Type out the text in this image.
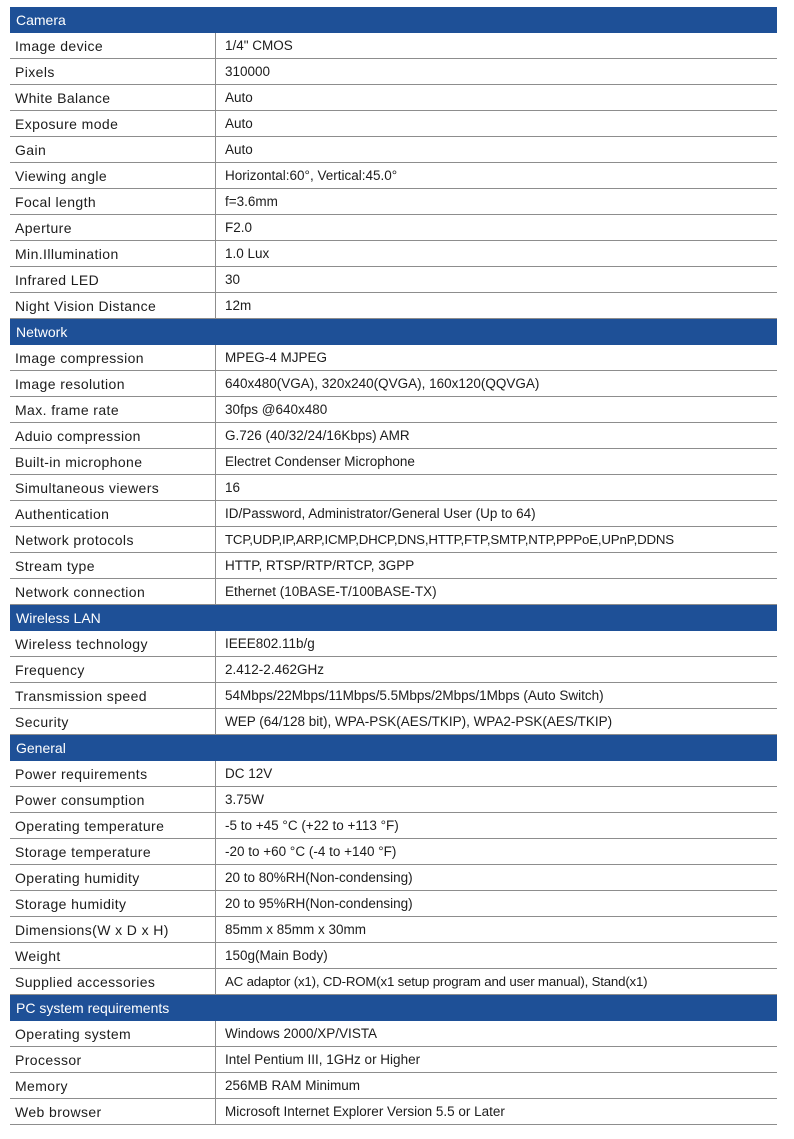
Camera
Image device	1/4" CMOS
Pixels	310000
White Balance	Auto
Exposure mode	Auto
Gain	Auto
Viewing angle	Horizontal:60°, Vertical:45.0°
Focal length	f=3.6mm
Aperture	F2.0
Min.Illumination	1.0 Lux
Infrared LED	30
Night Vision Distance	12m
Network
Image compression	MPEG-4 MJPEG
Image resolution	640x480(VGA), 320x240(QVGA), 160x120(QQVGA)
Max. frame rate	30fps @640x480
Aduio compression	G.726 (40/32/24/16Kbps) AMR
Built-in microphone	Electret Condenser Microphone
Simultaneous viewers	16
Authentication	ID/Password, Administrator/General User (Up to 64)
Network protocols	TCP,UDP,IP,ARP,ICMP,DHCP,DNS,HTTP,FTP,SMTP,NTP,PPPoE,UPnP,DDNS
Stream type	HTTP, RTSP/RTP/RTCP, 3GPP
Network connection	Ethernet (10BASE-T/100BASE-TX)
Wireless LAN
Wireless technology	IEEE802.11b/g
Frequency	2.412-2.462GHz
Transmission speed	54Mbps/22Mbps/11Mbps/5.5Mbps/2Mbps/1Mbps (Auto Switch)
Security	WEP (64/128 bit), WPA-PSK(AES/TKIP), WPA2-PSK(AES/TKIP)
General
Power requirements	DC 12V
Power consumption	3.75W
Operating temperature	-5 to +45 °C (+22 to +113 °F)
Storage temperature	-20 to +60 °C (-4 to +140 °F)
Operating humidity	20 to 80%RH(Non-condensing)
Storage humidity	20 to 95%RH(Non-condensing)
Dimensions(W x D x H)	85mm x 85mm x 30mm
Weight	150g(Main Body)
Supplied accessories	AC adaptor (x1), CD-ROM(x1 setup program and user manual), Stand(x1)
PC system requirements
Operating system	Windows 2000/XP/VISTA
Processor	Intel Pentium III, 1GHz or Higher
Memory	256MB RAM Minimum
Web browser	Microsoft Internet Explorer Version 5.5 or Later
